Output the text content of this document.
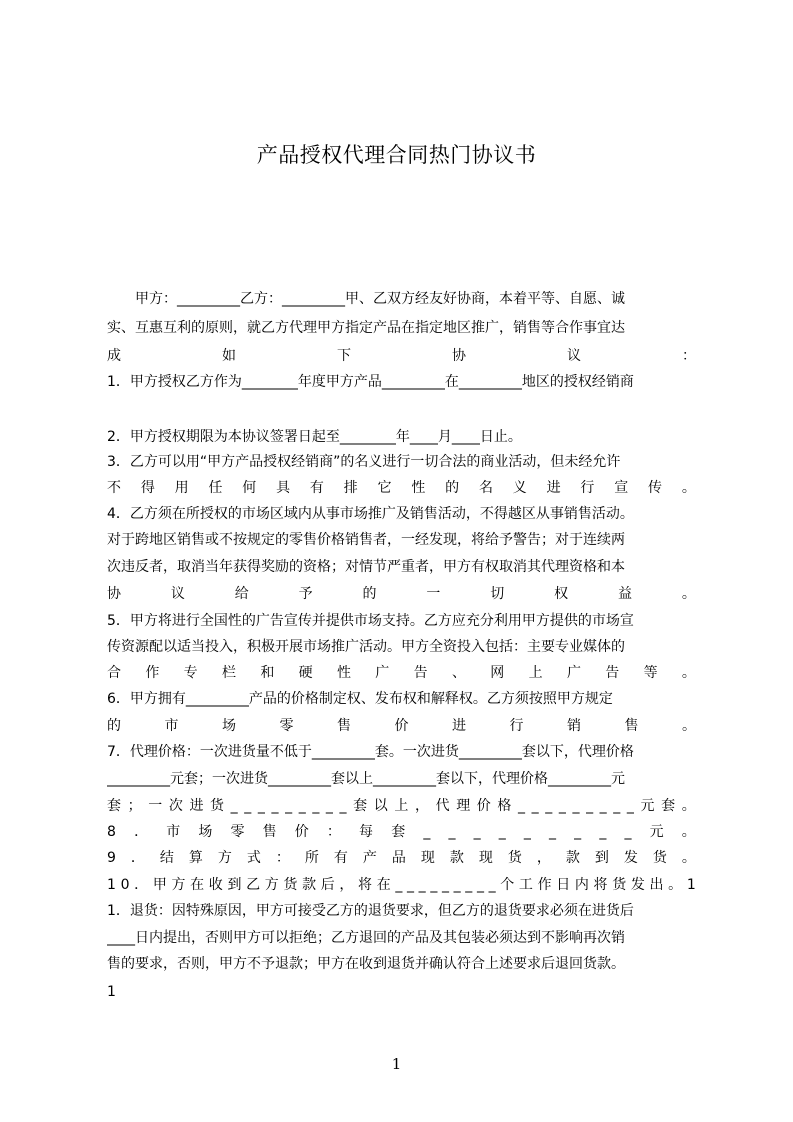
产品授权代理合同热门协议书
　　甲方：_________乙方：_________甲、乙双方经友好协商，本着平等、自愿、诚
实、互惠互利的原则，就乙方代理甲方指定产品在指定地区推广，销售等合作事宜达
成	如	下	协	议	：
1．甲方授权乙方作为________年度甲方产品_________在_________地区的授权经销商
2．甲方授权期限为本协议签署日起至________年____月____日止。
3．乙方可以用“甲方产品授权经销商”的名义进行一切合法的商业活动，但未经允许
不 得 用 任 何 具 有 排 它 性 的 名 义 进 行 宣 传 。
4．乙方须在所授权的市场区域内从事市场推广及销售活动，不得越区从事销售活动。
对于跨地区销售或不按规定的零售价格销售者，一经发现，将给予警告；对于连续两
次违反者，取消当年获得奖励的资格；对情节严重者，甲方有权取消其代理资格和本
协	议	给	予	的	一	切	权	益	。
5．甲方将进行全国性的广告宣传并提供市场支持。乙方应充分利用甲方提供的市场宣
传资源配以适当投入，积极开展市场推广活动。甲方全资投入包括：主要专业媒体的
合 作 专 栏 和 硬 性 广 告 、 网 上 广 告 等 。
6．甲方拥有_________产品的价格制定权、发布权和解释权。乙方须按照甲方规定
的	市	场	零	售	价	进	行	销	售	。
7．代理价格：一次进货量不低于_________套。一次进货_________套以下，代理价格
_________元套；一次进货_________套以上_________套以下，代理价格_________元
套 ； 一 次 进 货 _ _ _ _ _ _ _ _ _ 套 以 上 ， 代 理 价 格 _ _ _ _ _ _ _ _ _ 元 套 。
8 ． 市 场 零 售 价 ： 每 套 _ _ _ _ _ _ _ _ _ 元 。
9 ． 结 算 方 式 ： 所 有 产 品 现 款 现 货 ， 款 到 发 货 。
1 0 ． 甲 方 在 收 到 乙 方 货 款 后 ， 将 在 _ _ _ _ _ _ _ _ _ 个 工 作 日 内 将 货 发 出 。 1
1．退货：因特殊原因，甲方可接受乙方的退货要求，但乙方的退货要求必须在进货后
____日内提出，否则甲方可以拒绝；乙方退回的产品及其包装必须达到不影响再次销
售的要求，否则，甲方不予退款；甲方在收到退货并确认符合上述要求后退回货款。
1
1
